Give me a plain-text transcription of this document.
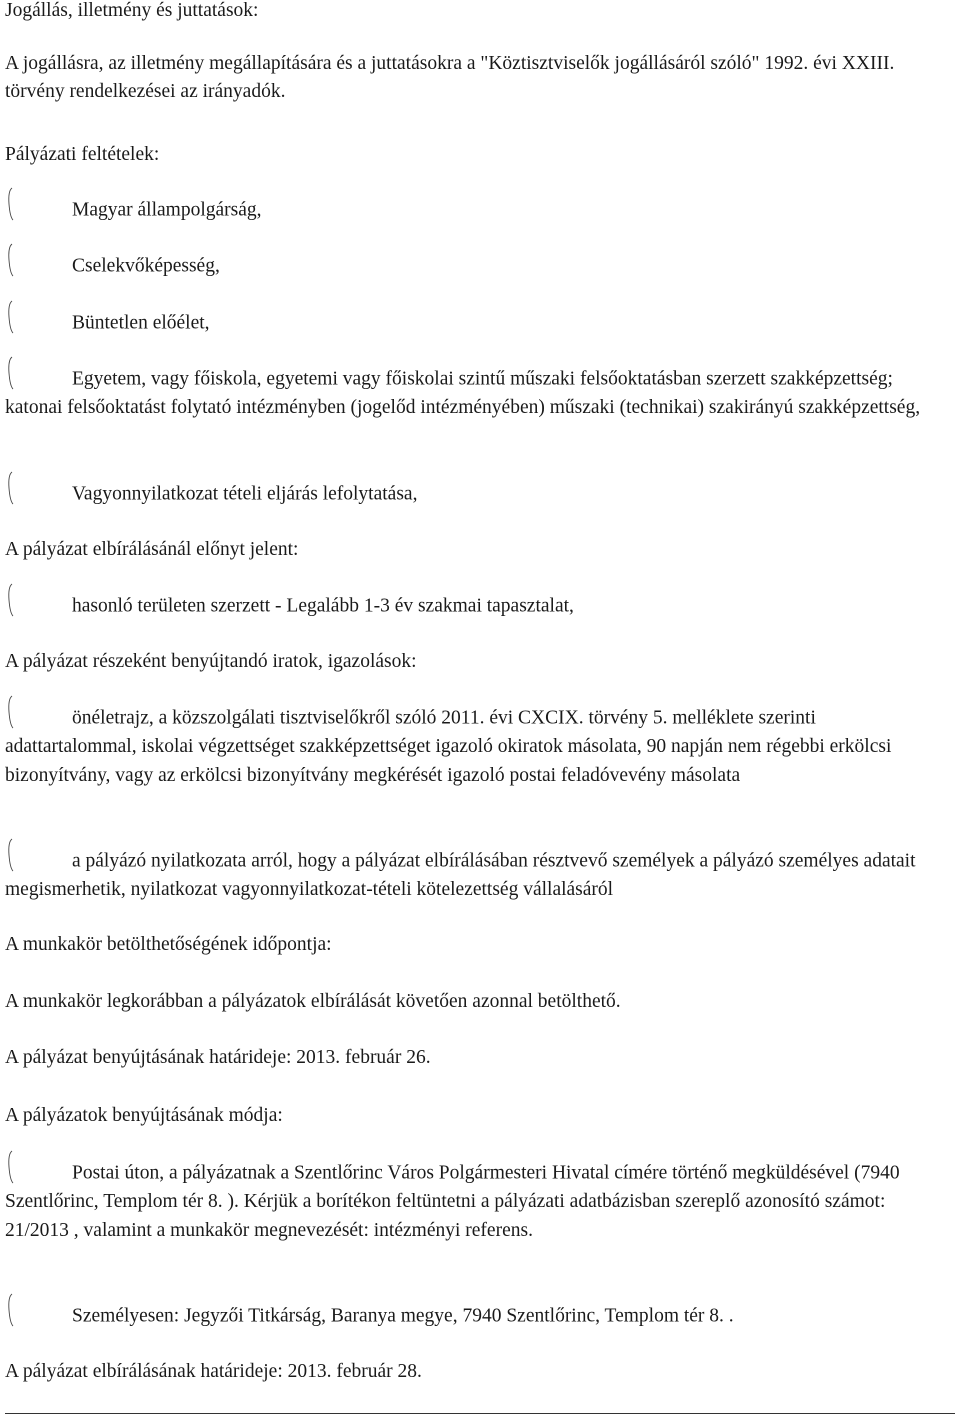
Jogállás, illetmény és juttatások:
A jogállásra, az illetmény megállapítására és a juttatásokra a "Köztisztviselők jogállásáról szóló" 1992. évi XXIII. törvény rendelkezései az irányadók.
Pályázati feltételek:
Magyar állampolgárság,
Cselekvőképesség,
Büntetlen előélet,
Egyetem, vagy főiskola, egyetemi vagy főiskolai szintű műszaki felsőoktatásban szerzett szakképzettség; katonai felsőoktatást folytató intézményben (jogelőd intézményében) műszaki (technikai) szakirányú szakképzettség,
Vagyonnyilatkozat tételi eljárás lefolytatása,
A pályázat elbírálásánál előnyt jelent:
hasonló területen szerzett - Legalább 1-3 év szakmai tapasztalat,
A pályázat részeként benyújtandó iratok, igazolások:
önéletrajz, a közszolgálati tisztviselőkről szóló 2011. évi CXCIX. törvény 5. melléklete szerinti adattartalommal, iskolai végzettséget szakképzettséget igazoló okiratok másolata, 90 napján nem régebbi erkölcsi bizonyítvány, vagy az erkölcsi bizonyítvány megkérését igazoló postai feladóvevény másolata
a pályázó nyilatkozata arról, hogy a pályázat elbírálásában résztvevő személyek a pályázó személyes adatait megismerhetik, nyilatkozat vagyonnyilatkozat-tételi kötelezettség vállalásáról
A munkakör betölthetőségének időpontja:
A munkakör legkorábban a pályázatok elbírálását követően azonnal betölthető.
A pályázat benyújtásának határideje: 2013. február 26.
A pályázatok benyújtásának módja:
Postai úton, a pályázatnak a Szentlőrinc Város Polgármesteri Hivatal címére történő megküldésével (7940 Szentlőrinc, Templom tér 8. ). Kérjük a borítékon feltüntetni a pályázati adatbázisban szereplő azonosító számot: 21/2013 , valamint a munkakör megnevezését: intézményi referens.
Személyesen: Jegyzői Titkárság, Baranya megye, 7940 Szentlőrinc, Templom tér 8. .
A pályázat elbírálásának határideje: 2013. február 28.
